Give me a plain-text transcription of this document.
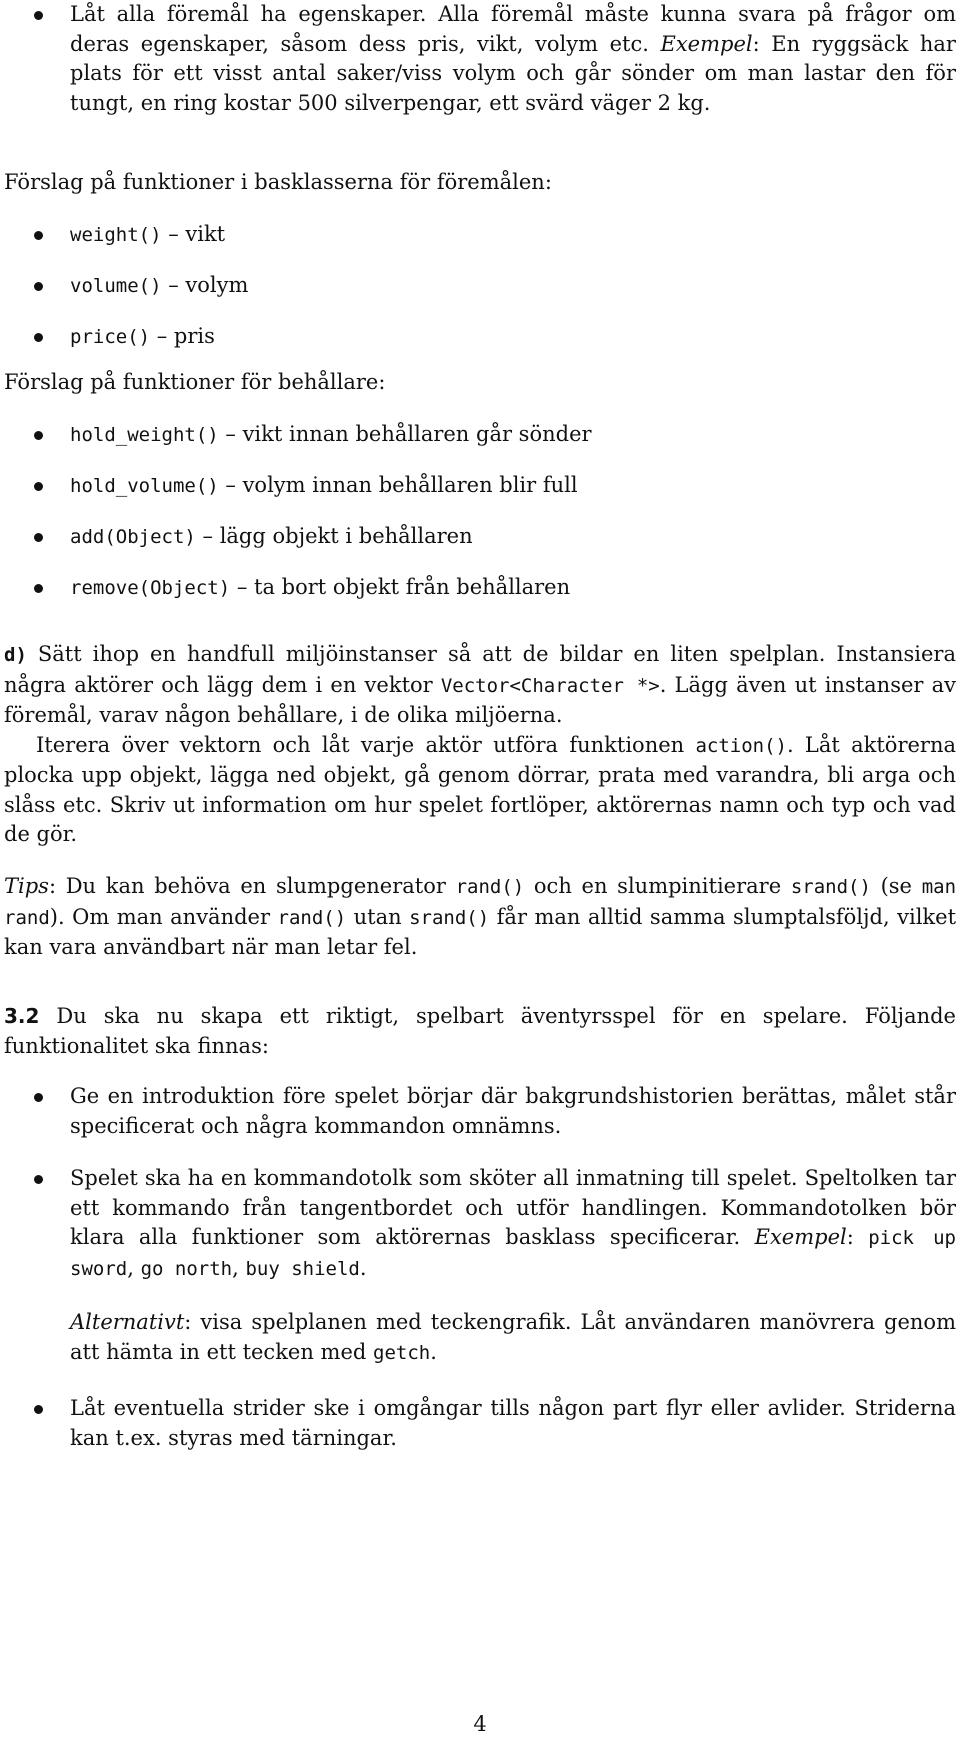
Låt alla föremål ha egenskaper. Alla föremål måste kunna svara på frågor om deras egenskaper, såsom dess pris, vikt, volym etc. Exempel: En ryggsäck har plats för ett visst antal saker/viss volym och går sönder om man lastar den för tungt, en ring kostar 500 silverpengar, ett svärd väger 2 kg.

Förslag på funktioner i basklasserna för föremålen:

weight() – vikt
volume() – volym
price() – pris

Förslag på funktioner för behållare:

hold_weight() – vikt innan behållaren går sönder
hold_volume() – volym innan behållaren blir full
add(Object) – lägg objekt i behållaren
remove(Object) – ta bort objekt från behållaren

d) Sätt ihop en handfull miljöinstanser så att de bildar en liten spelplan. Instansiera några aktörer och lägg dem i en vektor Vector<Character *>. Lägg även ut instanser av föremål, varav någon behållare, i de olika miljöerna.

Iterera över vektorn och låt varje aktör utföra funktionen action(). Låt aktörerna plocka upp objekt, lägga ned objekt, gå genom dörrar, prata med varandra, bli arga och slåss etc. Skriv ut information om hur spelet fortlöper, aktörernas namn och typ och vad de gör.

Tips: Du kan behöva en slumpgenerator rand() och en slumpinitierare srand() (se man rand). Om man använder rand() utan srand() får man alltid samma slumptalsföljd, vilket kan vara användbart när man letar fel.

3.2 Du ska nu skapa ett riktigt, spelbart äventyrsspel för en spelare. Följande funktionalitet ska finnas:

Ge en introduktion före spelet börjar där bakgrundshistorien berättas, målet står specificerat och några kommandon omnämns.
Spelet ska ha en kommandotolk som sköter all inmatning till spelet. Speltolken tar ett kommando från tangentbordet och utför handlingen. Kommandotolken bör klara alla funktioner som aktörernas basklass specificerar. Exempel: pick up sword, go north, buy shield.

Alternativt: visa spelplanen med teckengrafik. Låt användaren manövrera genom att hämta in ett tecken med getch.

Låt eventuella strider ske i omgångar tills någon part flyr eller avlider. Striderna kan t.ex. styras med tärningar.
4
